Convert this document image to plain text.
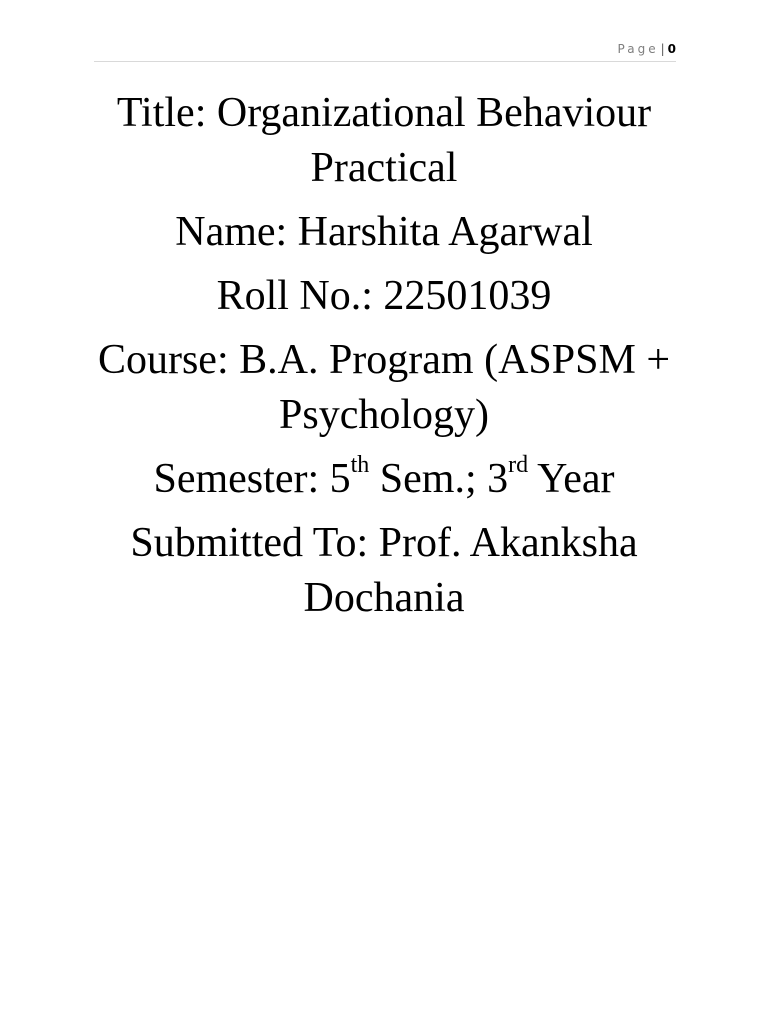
Page | 0

Title: Organizational Behaviour Practical

Name: Harshita Agarwal

Roll No.: 22501039

Course: B.A. Program (ASPSM + Psychology)

Semester: 5th Sem.; 3rd Year

Submitted To: Prof. Akanksha Dochania
